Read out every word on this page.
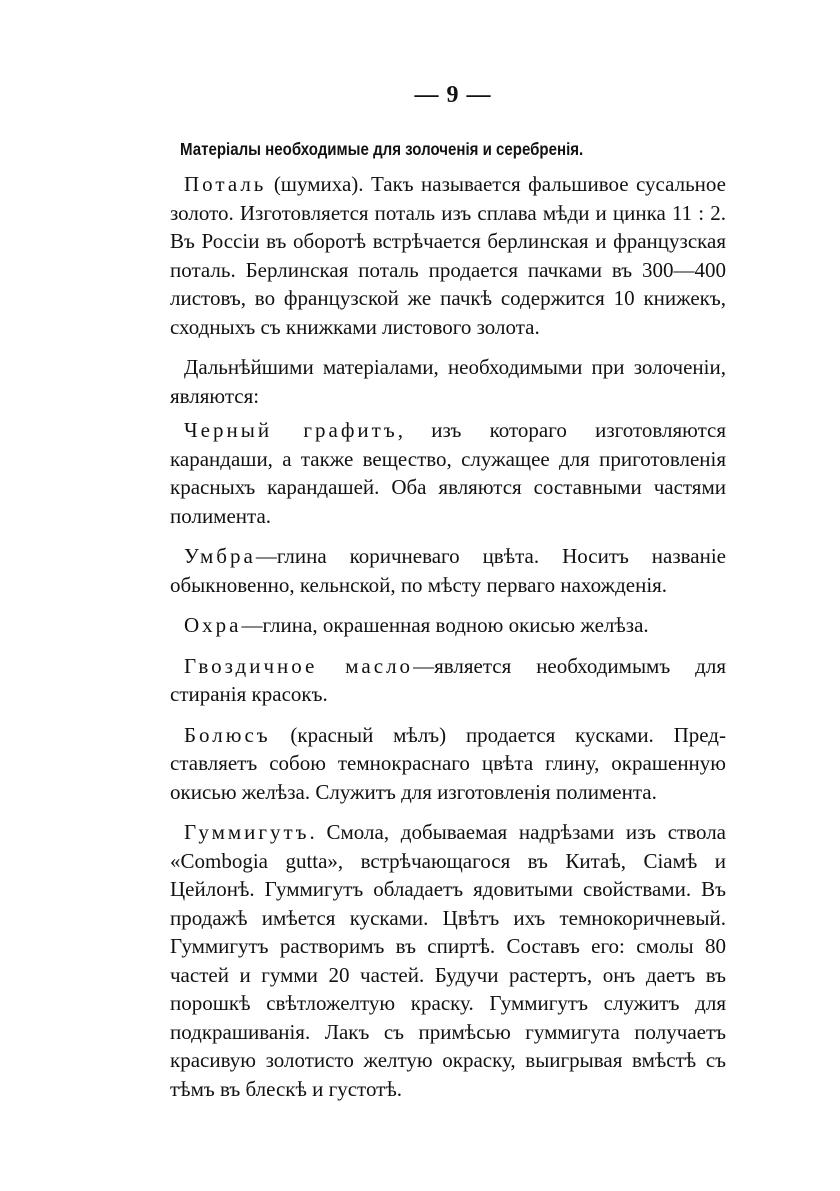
— 9 —
Матеріалы необходимые для золоченія и серебренія.

Поталь (шумиха). Такъ называется фальшивое сусальное золото. Изготовляется поталь изъ сплава мѣди и цинка 11 : 2. Въ Россіи въ оборотѣ встрѣчается берлинская и французская поталь. Берлинская поталь продается пачками въ 300—400 листовъ, во французской же пачкѣ содержится 10 книжекъ, сходныхъ съ книжками листового золота.

Дальнѣйшими матеріалами, необходимыми при золоченіи, являются:

Черный графитъ, изъ котораго изготовляются карандаши, а также вещество, служащее для приготовленія красныхъ карандашей. Оба являются составными частями полимента.

Умбра—глина коричневаго цвѣта. Носитъ названіе обыкновенно, кельнской, по мѣсту перваго нахожденія.

Охра—глина, окрашенная водною окисью желѣза.

Гвоздичное масло—является необходимымъ для стиранія красокъ.

Болюсъ (красный мѣлъ) продается кусками. Представляетъ собою темнокраснаго цвѣта глину, окрашенную окисью желѣза. Служитъ для изготовленія полимента.

Гуммигутъ. Смола, добываемая надрѣзами изъ ствола «Combogia gutta», встрѣчающагося въ Китаѣ, Сіамѣ и Цейлонѣ. Гуммигутъ обладаетъ ядовитыми свойствами. Въ продажѣ имѣется кусками. Цвѣтъ ихъ темнокоричневый. Гуммигутъ растворимъ въ спиртѣ. Составъ его: смолы 80 частей и гумми 20 частей. Будучи растертъ, онъ даетъ въ порошкѣ свѣтложелтую краску. Гуммигутъ служитъ для подкрашиванія. Лакъ съ примѣсью гуммигута получаетъ красивую золотисто желтую окраску, выигрывая вмѣстѣ съ тѣмъ въ блескѣ и густотѣ.
